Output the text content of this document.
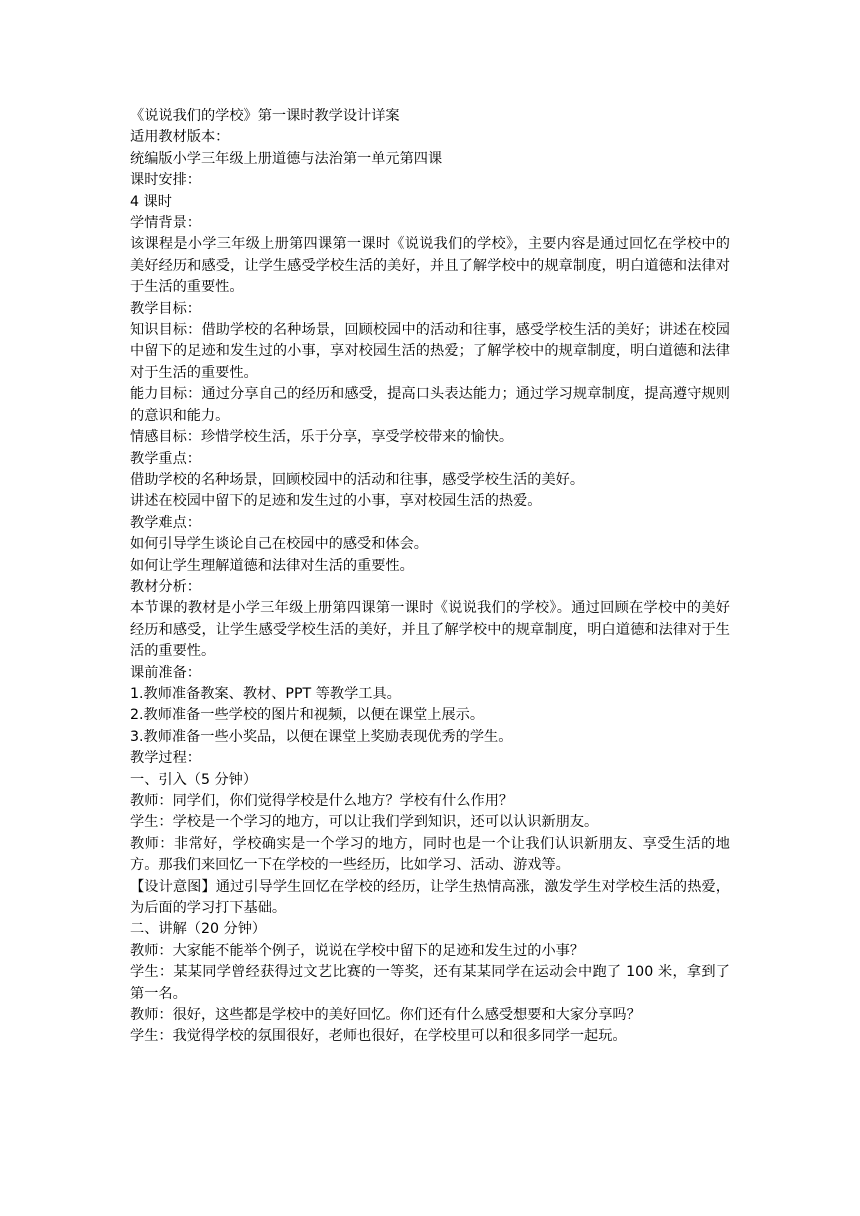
《说说我们的学校》第一课时教学设计详案

适用教材版本：

统编版小学三年级上册道德与法治第一单元第四课

课时安排：

4 课时

学情背景：

该课程是小学三年级上册第四课第一课时《说说我们的学校》，主要内容是通过回忆在学校中的美好经历和感受，让学生感受学校生活的美好，并且了解学校中的规章制度，明白道德和法律对于生活的重要性。

教学目标：

知识目标：借助学校的名种场景，回顾校园中的活动和往事，感受学校生活的美好；讲述在校园中留下的足迹和发生过的小事，享对校园生活的热爱；了解学校中的规章制度，明白道德和法律对于生活的重要性。

能力目标：通过分享自己的经历和感受，提高口头表达能力；通过学习规章制度，提高遵守规则的意识和能力。

情感目标：珍惜学校生活，乐于分享，享受学校带来的愉快。

教学重点：

借助学校的名种场景，回顾校园中的活动和往事，感受学校生活的美好。

讲述在校园中留下的足迹和发生过的小事，享对校园生活的热爱。

教学难点：

如何引导学生谈论自己在校园中的感受和体会。

如何让学生理解道德和法律对生活的重要性。

教材分析：

本节课的教材是小学三年级上册第四课第一课时《说说我们的学校》。通过回顾在学校中的美好经历和感受，让学生感受学校生活的美好，并且了解学校中的规章制度，明白道德和法律对于生活的重要性。

课前准备：

1.教师准备教案、教材、PPT 等教学工具。

2.教师准备一些学校的图片和视频，以便在课堂上展示。

3.教师准备一些小奖品，以便在课堂上奖励表现优秀的学生。

教学过程：

一、引入（5 分钟）

教师：同学们，你们觉得学校是什么地方？学校有什么作用？

学生：学校是一个学习的地方，可以让我们学到知识，还可以认识新朋友。

教师：非常好，学校确实是一个学习的地方，同时也是一个让我们认识新朋友、享受生活的地方。那我们来回忆一下在学校的一些经历，比如学习、活动、游戏等。

【设计意图】通过引导学生回忆在学校的经历，让学生热情高涨，激发学生对学校生活的热爱，为后面的学习打下基础。

二、讲解（20 分钟）

教师：大家能不能举个例子，说说在学校中留下的足迹和发生过的小事？

学生：某某同学曾经获得过文艺比赛的一等奖，还有某某同学在运动会中跑了 100 米，拿到了第一名。

教师：很好，这些都是学校中的美好回忆。你们还有什么感受想要和大家分享吗？

学生：我觉得学校的氛围很好，老师也很好，在学校里可以和很多同学一起玩。
